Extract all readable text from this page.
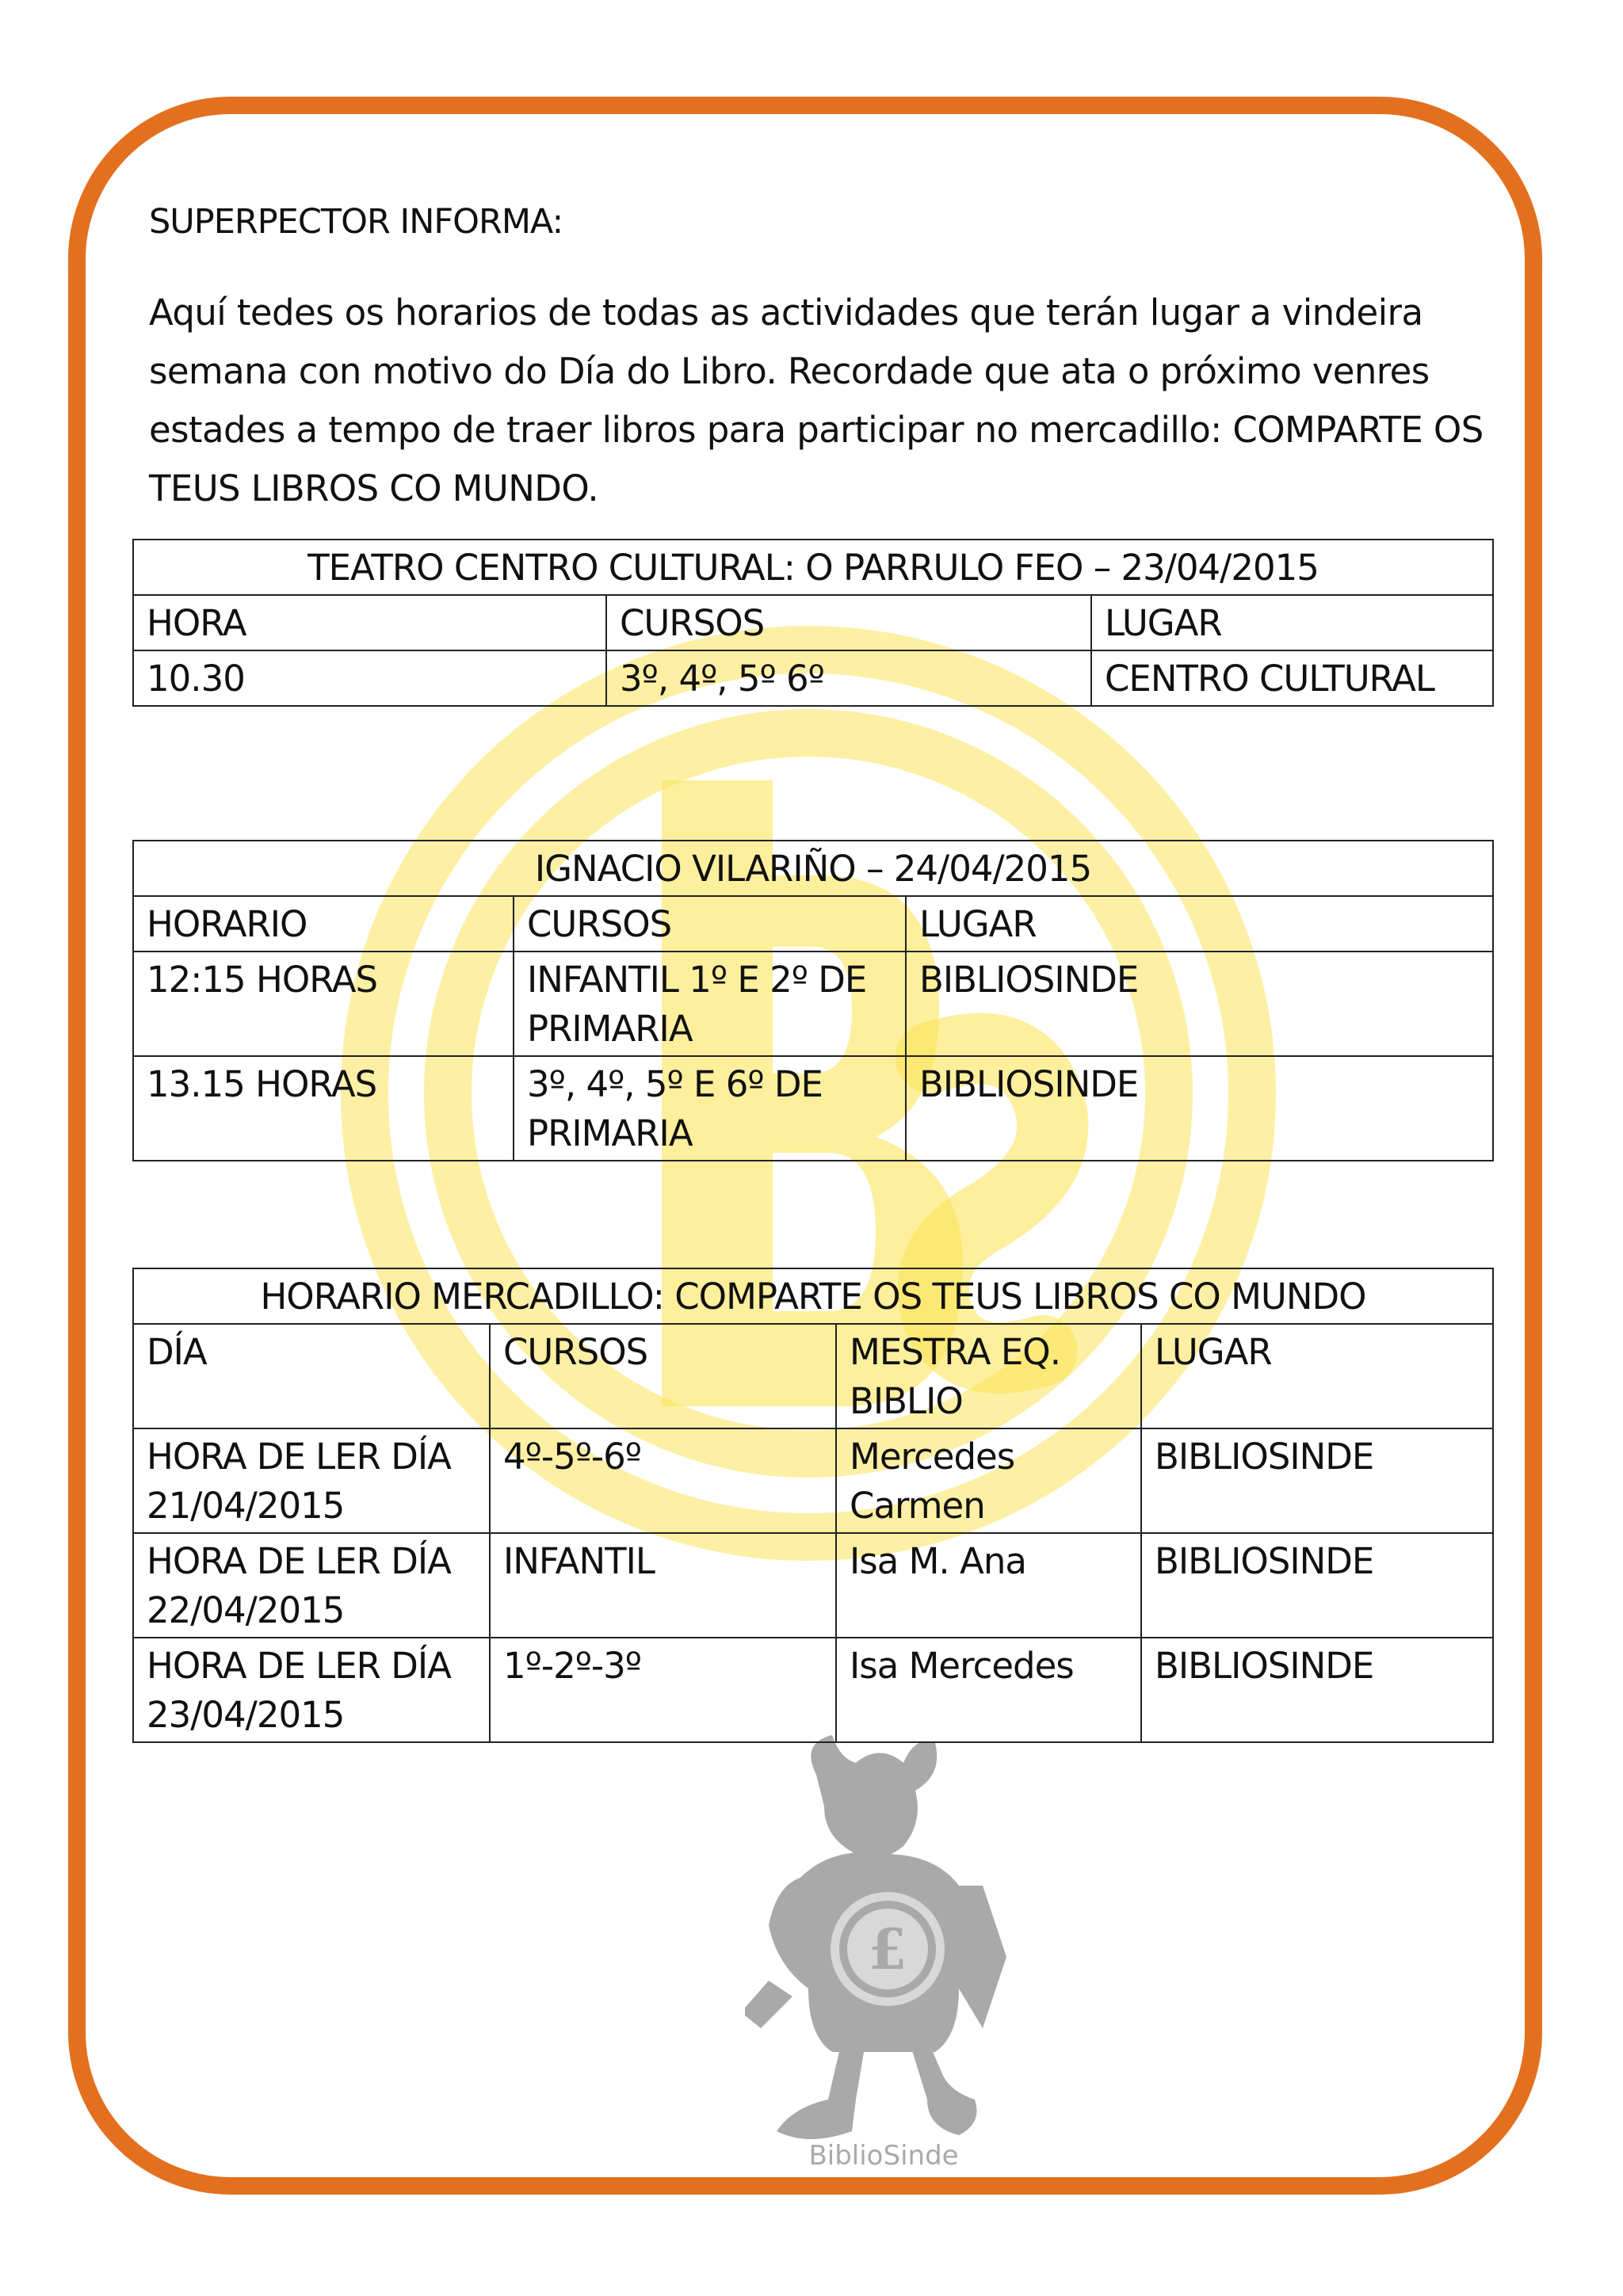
£
BiblioSinde
SUPERPECTOR INFORMA:
Aquí tedes os horarios de todas as actividades que terán lugar a vindeira semana con motivo do Día do Libro. Recordade que ata o próximo venres estades a tempo de traer libros para participar no mercadillo: COMPARTE OS TEUS LIBROS CO MUNDO.
TEATRO CENTRO CULTURAL: O PARRULO FEO – 23/04/2015		
HORA	CURSOS	LUGAR
10.30	3º, 4º, 5º 6º	CENTRO CULTURAL
IGNACIO VILARIÑO – 24/04/2015		
HORARIO	CURSOS	LUGAR
12:15 HORAS	INFANTIL 1º E 2º DE PRIMARIA	BIBLIOSINDE
13.15 HORAS	3º, 4º, 5º E 6º DE PRIMARIA	BIBLIOSINDE
HORARIO MERCADILLO: COMPARTE OS TEUS LIBROS CO MUNDO			
DÍA	CURSOS	MESTRA EQ. BIBLIO	LUGAR
HORA DE LER DÍA 21/04/2015	4º-5º-6º	Mercedes Carmen	BIBLIOSINDE
HORA DE LER DÍA 22/04/2015	INFANTIL	Isa M. Ana	BIBLIOSINDE
HORA DE LER DÍA 23/04/2015	1º-2º-3º	Isa Mercedes	BIBLIOSINDE
